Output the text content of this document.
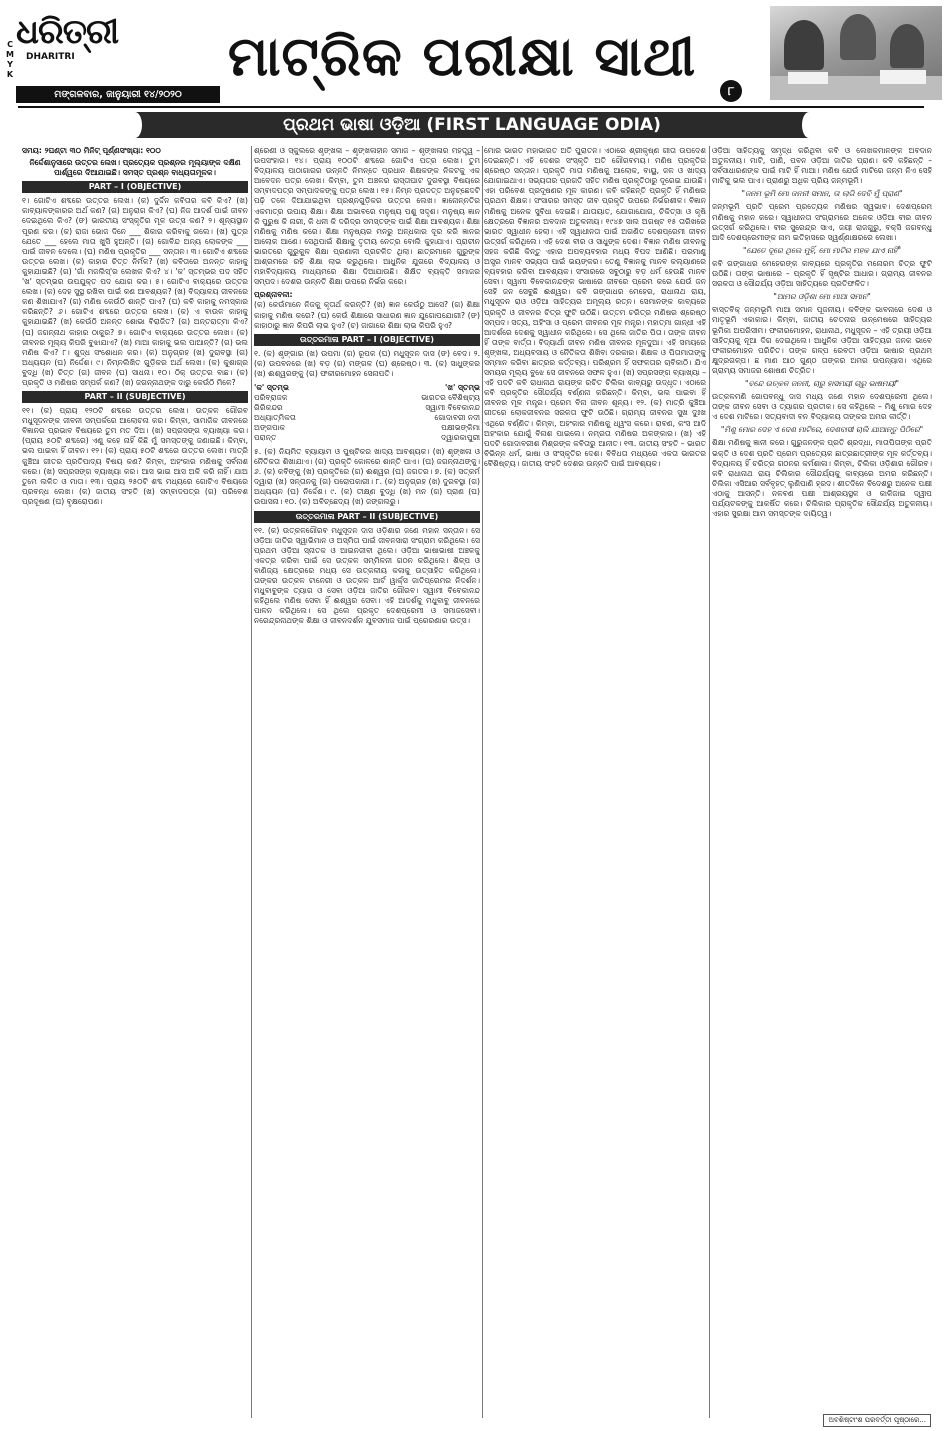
C
M
Y
K
ଧରିତ୍ରୀ
DHARITRI
ମଙ୍ଗଳବାର, ଜାନୁୟାରୀ ୧୪/୨୦୨୦
ମାଟ୍ରିକ ପରୀକ୍ଷା ସାଥୀ
୮
ପ୍ରଥମ ଭାଷା ଓଡ଼ିଆ (FIRST LANGUAGE ODIA)

ସମୟ: ୨ଘଣ୍ଟା ୩୦ ମିନିଟ୍ ପୂର୍ଣ୍ଣସଂଖ୍ୟା: ୧୦୦

ନିର୍ଦ୍ଦେଶାନୁସାରେ ଉତ୍ତର ଲେଖ। ପ୍ରତ୍ୟେକ ପ୍ରଶ୍ନର ମୂଲ୍ୟାଙ୍କ ଦକ୍ଷିଣ ପାର୍ଶ୍ୱରେ ଦିଆଯାଇଛି। ସମସ୍ତ ପ୍ରଶ୍ନ ବାଧ୍ୟତାମୂଳକ।

PART – I (OBJECTIVE)

୧। ଗୋଟିଏ ଶବ୍ଦରେ ଉତ୍ତର ଲେଖ। (କ) ଦୁର୍ଦ୍ଦିନ କବିତାର କବି କିଏ? (ଖ) କାବ୍ୟାଳଙ୍କାରର ଅର୍ଥ କଣ? (ଗ) ଅନୁରାଗ କିଏ? (ଘ) ନିଜ ଆଦର୍ଶ ପାଇଁ ଜୀବନ ଦେଇଥିଲେ କିଏ? (ଙ) ଭାରତୀୟ ସଂସ୍କୃତିର ମୂଳ ଉତ୍ସ କଣ? ୨। ଶୂନ୍ୟସ୍ଥାନ ପୂରଣ କର। (କ) ରାଜା ଭୋଜ ଦିନେ ___ ଶିକାର କରିବାକୁ ଗଲେ। (ଖ) ପୁତ୍ର ଯେତେ ___ ହେଲେ ମାତା ଖୁସି ହୁଅନ୍ତି। (ଗ) ଗୋବିନ୍ଦ ଅନ୍ୟ ଲୋକଙ୍କ ___ ପାଇଁ ଜୀବନ ଦେଲେ। (ଘ) ମଣିଷ ପ୍ରକୃତିର ___ ସନ୍ତାନ। ୩। ଗୋଟିଏ ଶବ୍ଦରେ ଉତ୍ତର ଲେଖ। (କ) କାହାର ଚିତ୍ତ ନିର୍ମଳ? (ଖ) କବିତାରେ ଅନନ୍ତ କାହାକୁ କୁହାଯାଇଛି? (ଗ) 'ଗାଁ ମଜଲିସ୍'ର ଲେଖକ କିଏ? ୪। 'କ' ସ୍ତମ୍ଭର ପଦ ସହିତ 'ଖ' ସ୍ତମ୍ଭର ଉପଯୁକ୍ତ ପଦ ଯୋଗ କର। ୫। ଗୋଟିଏ ବାକ୍ୟରେ ଉତ୍ତର ଲେଖ। (କ) ଦେହ ସୁସ୍ଥ ରଖିବା ପାଇଁ କଣ ଆବଶ୍ୟକ? (ଖ) ବିଦ୍ୟାଳୟ ଜୀବନରେ କଣ ଶିଖାଯାଏ? (ଗ) ମଣିଷ କେଉଁଠି ଶାନ୍ତି ପାଏ? (ଘ) କବି କାହାକୁ ନମସ୍କାର କରିଛନ୍ତି? ୬। ଗୋଟିଏ ଶବ୍ଦରେ ଉତ୍ତର ଲେଖ। (କ) ଏ ବାଉଳ କାହାକୁ କୁହାଯାଇଛି? (ଖ) କେଉଁଠି ଅନନ୍ତ ଶୋଭା ବିରାଜିତ? (ଗ) ଅନ୍ତରାତ୍ମା କିଏ? (ଘ) ଜଗନ୍ନାଥ କାହାର ଠାକୁର? ୭। ଗୋଟିଏ ବାକ୍ୟରେ ଉତ୍ତର ଲେଖ। (କ) ଜୀବନର ମୂଲ୍ୟ କିପରି ବୁଝାଯାଏ? (ଖ) ମାଆ କାହାକୁ ଭଲ ପାଆନ୍ତି? (ଗ) ଭଲ ମଣିଷ କିଏ? ୮। ଶୁଦ୍ଧ ସଂଶୋଧନ କର। (କ) ଅନୁଗ୍ରହ (ଖ) ଦୁରାବସ୍ଥା (ଗ) ଅଧ୍ୟୟନ (ଘ) ନିର୍ଦ୍ଦେଶ। ୯। ନିମ୍ନଲିଖିତ ଗୁଡ଼ିକର ଅର୍ଥ ଲେଖ। (କ) କୁଶାଗ୍ର ବୁଦ୍ଧି (ଖ) ଚିତ୍ତ (ଗ) ଜୀବନ (ଘ) ସାଧନା। ୧୦। ଠିକ୍ ଉତ୍ତର ବାଛ। (କ) ପ୍ରକୃତି ଓ ମଣିଷର ସମ୍ପର୍କ କଣ? (ଖ) ଜଗନ୍ନାଥଙ୍କ ଦାରୁ କେଉଁଠି ମିଳେ?

PART – II (SUBJECTIVE)

୧୧। (କ) ପ୍ରାୟ ୧୨୦ଟି ଶବ୍ଦରେ ଉତ୍ତର ଲେଖ। ଉତ୍କଳ ଗୌରବ ମଧୁସୂଦନଙ୍କ ଜୀବନୀ ସମ୍ପର୍କରେ ଆଲୋଚନା କର। କିମ୍ବା, ସାମାଜିକ ଜୀବନରେ ବିଜ୍ଞାନର ପ୍ରଭାବ ବିଷୟରେ ତୁମ ମତ ଦିଅ। (ଖ) ସପ୍ରସଙ୍ଗ ବ୍ୟାଖ୍ୟା କର। (ପ୍ରାୟ ୫୦ଟି ଶବ୍ଦରେ) ଏଣୁ କହେ ନାହିଁ କିଛି ମୁଁ ସମସ୍ତଙ୍କୁ ଜଣାଇଛି। କିମ୍ବା, ଭଲ ପାଇବା ହିଁ ଜୀବନ। ୧୨। (କ) ପ୍ରାୟ ୫୦ଟି ଶବ୍ଦରେ ଉତ୍ତର ଲେଖ। ମାତ୍ରି କୁଞ୍ଚିଆ ଗୀତର ପ୍ରତିପାଦ୍ୟ ବିଷୟ କଣ? କିମ୍ବା, ଅହଂକାର ମଣିଷକୁ ସର୍ବନାଶ କରେ। (ଖ) ସପ୍ରସଙ୍ଗ ବ୍ୟାଖ୍ୟା କର। ଆସ ଭାଇ ଆସ ଅଳି କରି ନାହିଁ। ଯାଅ ତୁମେ ଲଳିତ ଓ ମାତା। ୧୩। ପ୍ରାୟ ୨୫୦ଟି ଶବ୍ଦ ମଧ୍ୟରେ ଗୋଟିଏ ବିଷୟରେ ପ୍ରବନ୍ଧ ଲେଖ। (କ) ଜାତୀୟ ସଂହତି (ଖ) ସମ୍ବାଦପତ୍ର (ଗ) ପରିବେଶ ପ୍ରଦୂଷଣ (ଘ) ବୃକ୍ଷରୋପଣ।

ଶ୍ରେଣୀ ଓ ସ୍କୁଲରେ ଶୃଙ୍ଖଳା – ଶୃଙ୍ଖଳାହୀନ ସମାଜ – ଶୃଙ୍ଖଳାର ମହତ୍ତ୍ୱ – ଉପସଂହାର। ୧୪। ପ୍ରାୟ ୧୦୦ଟି ଶବ୍ଦରେ ଗୋଟିଏ ପତ୍ର ଲେଖ। ତୁମ ବିଦ୍ୟାଳୟ ପାଠାଗାରର ଉନ୍ନତି ନିମନ୍ତେ ପ୍ରଧାନ ଶିକ୍ଷକଙ୍କ ନିକଟକୁ ଏକ ଆବେଦନ ପତ୍ର ଲେଖ। କିମ୍ବା, ତୁମ ଅଞ୍ଚଳର ରାସ୍ତାଘାଟ ଦୁରବସ୍ଥା ବିଷୟରେ ସମ୍ବାଦପତ୍ର ସମ୍ପାଦକଙ୍କୁ ପତ୍ର ଲେଖ। ୧୫। ନିମ୍ନ ପ୍ରଦତ୍ତ ଅନୁଚ୍ଛେଦଟି ପଢ଼ି ତଳେ ଦିଆଯାଇଥିବା ପ୍ରଶ୍ନଗୁଡ଼ିକର ଉତ୍ତର ଲେଖ। ଜ୍ଞାନୋନ୍ନତିର ଏକମାତ୍ର ଉପାୟ ଶିକ୍ଷା। ଶିକ୍ଷା ଅଭାବରେ ମନୁଷ୍ୟ ପଶୁ ସଦୃଶ। ମନୁଷ୍ୟ ଜ୍ଞାନ କି ପୁରୁଷ କି ନାରୀ, କି ଧନୀ କି ଦରିଦ୍ର ସମସ୍ତଙ୍କ ପାଇଁ ଶିକ୍ଷା ଆବଶ୍ୟକ। ଶିକ୍ଷା ମଣିଷକୁ ମଣିଷ କରେ। ଶିକ୍ଷା ମନୁଷ୍ୟର ମନରୁ ଅନ୍ଧକାର ଦୂର କରି ଜ୍ଞାନର ଆଲୋକ ଆଣେ। ସେଥିପାଇଁ ଶିକ୍ଷାକୁ ତୃତୀୟ ନେତ୍ର ବୋଲି କୁହାଯାଏ। ପ୍ରାଚୀନ ଭାରତରେ ଗୁରୁକୁଳ ଶିକ୍ଷା ପ୍ରଣାଳୀ ପ୍ରଚଳିତ ଥିଲା। ଛାତ୍ରମାନେ ଗୁରୁଙ୍କ ଆଶ୍ରମରେ ରହି ଶିକ୍ଷା ଲାଭ କରୁଥିଲେ। ଆଧୁନିକ ଯୁଗରେ ବିଦ୍ୟାଳୟ ଓ ମହାବିଦ୍ୟାଳୟ ମାଧ୍ୟମରେ ଶିକ୍ଷା ଦିଆଯାଉଛି। ଶିକ୍ଷିତ ବ୍ୟକ୍ତି ସମାଜର ସମ୍ପଦ। ଦେଶର ଉନ୍ନତି ଶିକ୍ଷା ଉପରେ ନିର୍ଭର କରେ।

ପ୍ରଶ୍ନାବଳୀ:

(କ) କେଉଁମାନେ ନିଜକୁ କୃତାର୍ଥ କରନ୍ତି? (ଖ) ଜ୍ଞାନ କେଉଁଠୁ ଆସେ? (ଗ) ଶିକ୍ଷା କାହାକୁ ମଣିଷ କରେ? (ଘ) କେଉଁ ଶିକ୍ଷାରେ ସାଧାରଣ ଜ୍ଞାନ ଯୁଗୋପଯୋଗୀ? (ଙ) କାହାଠାରୁ ଜ୍ଞାନ କିପରି ଲାଭ ହୁଏ? (ଚ) ଜାଗାରେ ଶିକ୍ଷା ଲାଭ କିପରି ହୁଏ?

ଉତ୍ତରମାଳା PART – I (OBJECTIVE)

୧. (କ) ଶୃଙ୍ଗାର (ଖ) ଉପମା (ଗ) ରୂପକ (ଘ) ମଧୁସୂଦନ ଦାସ (ଙ) ବେଦ। ୨. (କ) ଉପବନରେ (ଖ) ବଡ଼ (ଗ) ମଙ୍ଗଳ (ଘ) ଶ୍ରେଷ୍ଠ। ୩. (କ) ସାଧୁଙ୍କର (ଖ) ଈଶ୍ୱରଙ୍କୁ (ଗ) ଫକୀରମୋହନ ସେନାପତି।

'କ' ସ୍ତମ୍ଭ	'ଖ' ସ୍ତମ୍ଭ
ପରିବ୍ରାଜକ	ଭାରତର ବୈଶିଷ୍ଟ୍ୟ
ଗିରିକନ୍ଦର	ସ୍ୱାମୀ ବିବେକାନନ୍ଦ
ଅଧ୍ୟାତ୍ମିକତା	ଗୋଦାବରୀ ନଦୀ
ଅଙ୍ଗପାକ	ପକ୍ଷୀଭଙ୍କିମା
ପରାନ୍ତ	ଦ୍ୱାରକାପୁରୀ

୫. (କ) ନିୟମିତ ବ୍ୟାୟାମ ଓ ପୁଷ୍ଟିକର ଖାଦ୍ୟ ଆବଶ୍ୟକ। (ଖ) ଶୃଙ୍ଖଳା ଓ ନୈତିକତା ଶିଖାଯାଏ। (ଗ) ପ୍ରକୃତି କୋଳରେ ଶାନ୍ତି ପାଏ। (ଘ) ଜଗନ୍ନାଥଙ୍କୁ। ୬. (କ) କବିଙ୍କୁ (ଖ) ପ୍ରକୃତିରେ (ଗ) ଈଶ୍ୱର (ଘ) ଜଗତର। ୭. (କ) ସତ୍କର୍ମ ଦ୍ୱାରା (ଖ) ସନ୍ତାନକୁ (ଗ) ପରୋପକାରୀ। ୮. (କ) ଅନୁଗ୍ରହ (ଖ) ଦୁରବସ୍ଥା (ଗ) ଅଧ୍ୟୟନ (ଘ) ନିର୍ଦ୍ଦେଶ। ୯. (କ) ତୀକ୍ଷ୍ଣ ବୁଦ୍ଧି (ଖ) ମନ (ଗ) ପ୍ରାଣ (ଘ) ଉପାସନା। ୧୦. (କ) ଅବିଚ୍ଛେଦ୍ୟ (ଖ) ଜଙ୍ଗଲରୁ।

ଉତ୍ତରମାଳା PART – II (SUBJECTIVE)

୧୧. (କ) ଉତ୍କଳଗୌରବ ମଧୁସୂଦନ ଦାସ ଓଡ଼ିଶାର ଜଣେ ମହାନ ସନ୍ତାନ। ସେ ଓଡ଼ିଆ ଜାତିର ସ୍ୱାଭିମାନ ଓ ଅସ୍ମିତା ପାଇଁ ଜୀବନସାରା ସଂଗ୍ରାମ କରିଥିଲେ। ସେ ପ୍ରଥମ ଓଡ଼ିଆ ସ୍ନାତକ ଓ ଆଇନଜୀବୀ ଥିଲେ। ଓଡ଼ିଆ ଭାଷାଭାଷୀ ଅଞ୍ଚଳକୁ ଏକତ୍ର କରିବା ପାଇଁ ସେ ଉତ୍କଳ ସମ୍ମିଳନୀ ଗଠନ କରିଥିଲେ। ଶିଳ୍ପ ଓ ବାଣିଜ୍ୟ କ୍ଷେତ୍ରରେ ମଧ୍ୟ ସେ ଉତ୍କଳୀୟ କଳାକୁ ଉତ୍ସାହିତ କରିଥିଲେ। ତାଙ୍କର ଉତ୍କଳ ଟାନେରୀ ଓ ଉତ୍କଳ ଆର୍ଟ ୱାର୍କ୍ସ ଜାତିପ୍ରେମର ନିଦର୍ଶନ। ମଧୁବାବୁଙ୍କ ତ୍ୟାଗ ଓ ସେବା ଓଡ଼ିଆ ଜାତିର ଗୌରବ। ସ୍ୱାମୀ ବିବେକାନନ୍ଦ କହିଥିଲେ ମଣିଷ ସେବା ହିଁ ଈଶ୍ୱର ସେବା। ଏହି ଆଦର୍ଶକୁ ମଧୁବାବୁ ଜୀବନରେ ପାଳନ କରିଥିଲେ। ସେ ଥିଲେ ପ୍ରକୃତ ଦେଶପ୍ରେମୀ ଓ ସମାଜସେବୀ। ନରେନ୍ଦ୍ରନାଥଙ୍କ ଶିକ୍ଷା ଓ ଜୀବନଦର୍ଶନ ଯୁବସମାଜ ପାଇଁ ପ୍ରେରଣାର ଉତ୍ସ।

ମୋର ଭାରତ ମହାଭାରତ ଅତି ପୁରାତନ। ଏଠାରେ ଶ୍ରୀକୃଷ୍ଣ ଗୀତା ଉପଦେଶ ଦେଇଛନ୍ତି। ଏହି ଦେଶର ସଂସ୍କୃତି ଅତି ଗୌରବମୟ। ମଣିଷ ପ୍ରକୃତିର ଶ୍ରେଷ୍ଠ ସନ୍ତାନ। ପ୍ରକୃତି ମାତା ମଣିଷକୁ ଆଲୋକ, ବାୟୁ, ଜଳ ଓ ଖାଦ୍ୟ ଯୋଗାଇଥାଏ। ସଭ୍ୟତାର ପ୍ରଗତି ସହିତ ମଣିଷ ପ୍ରକୃତିଠାରୁ ଦୂରେଇ ଯାଉଛି। ଏହା ପରିବେଶ ପ୍ରଦୂଷଣର ମୂଳ କାରଣ। କବି କହିଛନ୍ତି ପ୍ରକୃତି ହିଁ ମଣିଷର ପ୍ରଥମ ଶିକ୍ଷକ। ସଂସାରର ସମସ୍ତ ଜୀବ ପ୍ରକୃତି ଉପରେ ନିର୍ଭରଶୀଳ। ବିଜ୍ଞାନ ମଣିଷକୁ ଅନେକ ସୁବିଧା ଦେଇଛି। ଯାତାୟାତ, ଯୋଗାଯୋଗ, ଚିକିତ୍ସା ଓ କୃଷି କ୍ଷେତ୍ରରେ ବିଜ୍ଞାନର ଅବଦାନ ଅତୁଳନୀୟ। ୧୯୪୭ ସାଲ ଅଗଷ୍ଟ ୧୫ ତାରିଖରେ ଭାରତ ସ୍ୱାଧୀନ ହେଲା। ଏହି ସ୍ୱାଧୀନତା ପାଇଁ ଅଗଣିତ ଦେଶପ୍ରେମୀ ଜୀବନ ଉତ୍ସର୍ଗ କରିଥିଲେ। ଏହି ଦେଶ ବୀର ଓ ସାଧୁଙ୍କ ଦେଶ। ବିଜ୍ଞାନ ମଣିଷ ଜୀବନକୁ ସହଜ କରିଛି କିନ୍ତୁ ଏହାର ଅପବ୍ୟବହାର ମଧ୍ୟ ବିପଦ ଆଣିଛି। ପରମାଣୁ ଅସ୍ତ୍ର ମାନବ ସଭ୍ୟତା ପାଇଁ ଭୟଙ୍କର। ତେଣୁ ବିଜ୍ଞାନକୁ ମାନବ କଲ୍ୟାଣରେ ବ୍ୟବହାର କରିବା ଆବଶ୍ୟକ। ସଂସାରରେ ସବୁଠାରୁ ବଡ଼ ଧର୍ମ ହେଉଛି ମାନବ ସେବା। ସ୍ୱାମୀ ବିବେକାନନ୍ଦଙ୍କ ଭାଷାରେ ଜୀବରେ ପ୍ରେମ କରେ ଯେଉଁ ଜନ ସେହି ଜନ ସେବୁଛି ଈଶ୍ୱର। କବି ଗଙ୍ଗାଧର ମେହେର, ରାଧାନାଥ ରାୟ, ମଧୁସୂଦନ ରାଓ ଓଡ଼ିଆ ସାହିତ୍ୟର ଅମୂଲ୍ୟ ରତ୍ନ। ସେମାନଙ୍କ କାବ୍ୟରେ ପ୍ରକୃତି ଓ ଜୀବନର ଚିତ୍ର ଫୁଟି ଉଠିଛି। ଉତ୍ତମ ଚରିତ୍ର ମଣିଷର ଶ୍ରେଷ୍ଠ ସମ୍ପଦ। ସତ୍ୟ, ଅହିଂସା ଓ ପ୍ରେମ ଜୀବନର ମୂଳ ମନ୍ତ୍ର। ମହାତ୍ମା ଗାନ୍ଧୀ ଏହି ଆଦର୍ଶରେ ଦେଶକୁ ସ୍ୱାଧୀନ କରିଥିଲେ। ସେ ଥିଲେ ଜାତିର ପିତା। ତାଙ୍କ ଜୀବନ ହିଁ ତାଙ୍କ ବାର୍ତ୍ତା। ବିଦ୍ୟାର୍ଥୀ ଜୀବନ ମଣିଷ ଜୀବନର ମୂଳଦୁଆ। ଏହି ସମୟରେ ଶୃଙ୍ଖଳା, ଅଧ୍ୟବସାୟ ଓ ନୈତିକତା ଶିଖିବା ଦରକାର। ଶିକ୍ଷକ ଓ ପିତାମାତାଙ୍କୁ ସମ୍ମାନ କରିବା ଛାତ୍ରର କର୍ତ୍ତବ୍ୟ। ପରିଶ୍ରମ ହିଁ ସଫଳତାର ଚାବିକାଠି। ଯିଏ ସମୟର ମୂଲ୍ୟ ବୁଝେ ସେ ଜୀବନରେ ସଫଳ ହୁଏ। (ଖ) ସପ୍ରସଙ୍ଗ ବ୍ୟାଖ୍ୟା – ଏହି ପଦଟି କବି ରାଧାନାଥ ରାୟଙ୍କ ରଚିତ ଚିଲିକା କାବ୍ୟରୁ ଉଦ୍ଧୃତ। ଏଠାରେ କବି ପ୍ରକୃତିର ସୌନ୍ଦର୍ଯ୍ୟ ବର୍ଣ୍ଣନା କରିଛନ୍ତି। କିମ୍ବା, ଭଲ ପାଇବା ହିଁ ଜୀବନର ମୂଳ ମନ୍ତ୍ର। ପ୍ରେମ ବିନା ଜୀବନ ଶୂନ୍ୟ। ୧୨. (କ) ମାତ୍ରି କୁଞ୍ଚିଆ ଗୀତରେ ଲୋକଜୀବନର ସରଳତା ଫୁଟି ଉଠିଛି। ଗ୍ରାମ୍ୟ ଜୀବନର ସୁଖ ଦୁଃଖ ଏଥିରେ ବର୍ଣ୍ଣିତ। କିମ୍ବା, ଅହଂକାର ମଣିଷକୁ ଧ୍ୱଂସ କରେ। ରାବଣ, କଂସ ଆଦି ଅହଂକାର ଯୋଗୁଁ ବିନାଶ ପାଇଲେ। ନମ୍ରତା ମଣିଷର ଅଳଙ୍କାର। (ଖ) ଏହି ପଦଟି ଗୋଦାବରୀଶ ମିଶ୍ରଙ୍କ କବିତାରୁ ଆନୀତ। ୧୩. ଜାତୀୟ ସଂହତି – ଭାରତ ବିଭିନ୍ନ ଧର୍ମ, ଭାଷା ଓ ସଂସ୍କୃତିର ଦେଶ। ବିବିଧତା ମଧ୍ୟରେ ଏକତା ଭାରତର ବୈଶିଷ୍ଟ୍ୟ। ଜାତୀୟ ସଂହତି ଦେଶର ଉନ୍ନତି ପାଇଁ ଆବଶ୍ୟକ।

ଓଡ଼ିଆ ସାହିତ୍ୟକୁ ସମୃଦ୍ଧ କରିଥିବା କବି ଓ ଲେଖକମାନଙ୍କ ଅବଦାନ ଅତୁଳନୀୟ। ମାଟି, ପାଣି, ପବନ ଓଡ଼ିଆ ଜାତିର ପ୍ରାଣ। କବି କହିଛନ୍ତି – ସର୍ବସାଧାରଣଙ୍କ ପାଇଁ ମାଟି ହିଁ ମାଆ। ମଣିଷ ଯେଉଁ ମାଟିରେ ଜନ୍ମ ନିଏ ସେହି ମାଟିକୁ ଭଲ ପାଏ। ପ୍ରାଣରୁ ଅଧିକ ପ୍ରିୟ ଜନ୍ମଭୂମି।

"ଜନମ ଭୂମି ମୋ ଜନନୀ ସମାନ, ତା ଲାଗି ଦେବି ମୁଁ ପ୍ରାଣ"

ଜନ୍ମଭୂମି ପ୍ରତି ପ୍ରେମ ପ୍ରତ୍ୟେକ ମଣିଷର ସ୍ୱଭାବ। ଦେଶପ୍ରେମ ମଣିଷକୁ ମହାନ କରେ। ସ୍ୱାଧୀନତା ସଂଗ୍ରାମରେ ଅନେକ ଓଡ଼ିଆ ବୀର ଜୀବନ ଉତ୍ସର୍ଗ କରିଥିଲେ। ବୀର ସୁରେନ୍ଦ୍ର ସାଏ, ଜୟୀ ରାଜଗୁରୁ, ବକ୍ସି ଜଗବନ୍ଧୁ ଆଦି ଦେଶପ୍ରେମୀଙ୍କ ନାମ ଇତିହାସରେ ସ୍ୱର୍ଣ୍ଣାକ୍ଷରରେ ଲେଖା।

"ଯେତେ ଦୂରେ ଥିଲେ ମୁହିଁ, ମୋ ମାଟିର ମହକ ଯାଏ ନାହିଁ"

କବି ଗଙ୍ଗାଧର ମେହେରଙ୍କ କାବ୍ୟରେ ପ୍ରକୃତିର ମନୋରମ ଚିତ୍ର ଫୁଟି ଉଠିଛି। ତାଙ୍କ ଭାଷାରେ – ପ୍ରକୃତି ହିଁ ସୃଷ୍ଟିର ଆଧାର। ଗ୍ରାମ୍ୟ ଜୀବନର ସରଳତା ଓ ସୌନ୍ଦର୍ଯ୍ୟ ଓଡ଼ିଆ ସାହିତ୍ୟରେ ପ୍ରତିଫଳିତ।

"ଆମର ଓଡ଼ିଶା ମୋ ମାଆ ସମାନ"

ବାସ୍ତବିକ୍ ଜନ୍ମଭୂମି ମାଆ ସମାନ ପୂଜନୀୟ। କବିଙ୍କ ଭାବନାରେ ଦେଶ ଓ ମାତୃଭୂମି ଏକାକାର। କିମ୍ବା, ଜାତୀୟ ଚେତନାର ଉନ୍ମେଷରେ ସାହିତ୍ୟର ଭୂମିକା ଅପରିସୀମ। ଫକୀରମୋହନ, ରାଧାନାଥ, ମଧୁସୂଦନ – ଏହି ତ୍ରୟୀ ଓଡ଼ିଆ ସାହିତ୍ୟକୁ ନୂଆ ଦିଗ ଦେଇଥିଲେ। ଆଧୁନିକ ଓଡ଼ିଆ ସାହିତ୍ୟର ଜନକ ଭାବେ ଫକୀରମୋହନ ପରିଚିତ। ତାଙ୍କ ଗଳ୍ପ ରେବତୀ ଓଡ଼ିଆ ଭାଷାର ପ୍ରଥମ କ୍ଷୁଦ୍ରଗଳ୍ପ। ଛ ମାଣ ଆଠ ଗୁଣ୍ଠ ତାଙ୍କର ଅମର ଉପନ୍ୟାସ। ଏଥିରେ ଗ୍ରାମ୍ୟ ସମାଜର ଶୋଷଣ ଚିତ୍ରିତ।

"ବନ୍ଦେ ଉତ୍କଳ ଜନନୀ, ଚାରୁ ହାସମୟୀ ଚାରୁ ଭାଷମୟୀ"

ଉତ୍କଳମଣି ଗୋପବନ୍ଧୁ ଦାସ ମଧ୍ୟ ଜଣେ ମହାନ ଦେଶପ୍ରେମୀ ଥିଲେ। ତାଙ୍କ ଜୀବନ ସେବା ଓ ତ୍ୟାଗର ପ୍ରତୀକ। ସେ କହିଥିଲେ – ମିଶୁ ମୋର ଦେହ ଏ ଦେଶ ମାଟିରେ। ସତ୍ୟବାଦୀ ବନ ବିଦ୍ୟାଳୟ ତାଙ୍କର ଅମର କୀର୍ତ୍ତି।

"ମିଶୁ ମୋର ଦେହ ଏ ଦେଶ ମାଟିରେ, ଦେଶବାସୀ ଚାଲି ଯାଆନ୍ତୁ ପିଠିରେ"

ଶିକ୍ଷା ମଣିଷକୁ ଜ୍ଞାନୀ କରେ। ଗୁରୁଜନଙ୍କ ପ୍ରତି ଶ୍ରଦ୍ଧା, ମାତାପିତାଙ୍କ ପ୍ରତି ଭକ୍ତି ଓ ଦେଶ ପ୍ରତି ପ୍ରେମ ପ୍ରତ୍ୟେକ ଛାତ୍ରଛାତ୍ରୀଙ୍କ ମୂଳ କର୍ତ୍ତବ୍ୟ। ବିଦ୍ୟାଳୟ ହିଁ ଚରିତ୍ର ଗଠନର କର୍ମଶାଳା। କିମ୍ବା, ଚିଲିକା ଓଡ଼ିଶାର ଗୌରବ। କବି ରାଧାନାଥ ରାୟ ଚିଲିକାର ସୌନ୍ଦର୍ଯ୍ୟକୁ କାବ୍ୟରେ ଅମର କରିଛନ୍ତି। ଚିଲିକା ଏସିଆର ସର୍ବବୃହତ୍ ଲୁଣିପାଣି ହ୍ରଦ। ଶୀତଦିନେ ବିଦେଶରୁ ଅନେକ ପକ୍ଷୀ ଏଠାକୁ ଆସନ୍ତି। ନଳବଣ ପକ୍ଷୀ ଆଶ୍ରୟସ୍ଥଳ ଓ କାଳିଜାଇ ଦ୍ୱୀପ ପର୍ଯ୍ୟଟକଙ୍କୁ ଆକର୍ଷିତ କରେ। ଚିଲିକାର ପ୍ରାକୃତିକ ସୌନ୍ଦର୍ଯ୍ୟ ଅତୁଳନୀୟ। ଏହାର ସୁରକ୍ଷା ଆମ ସମସ୍ତଙ୍କ ଦାୟିତ୍ୱ।

ଅବଶିଷ୍ଟାଂଶ ପରବର୍ତ୍ତୀ ପୃଷ୍ଠାରେ...
